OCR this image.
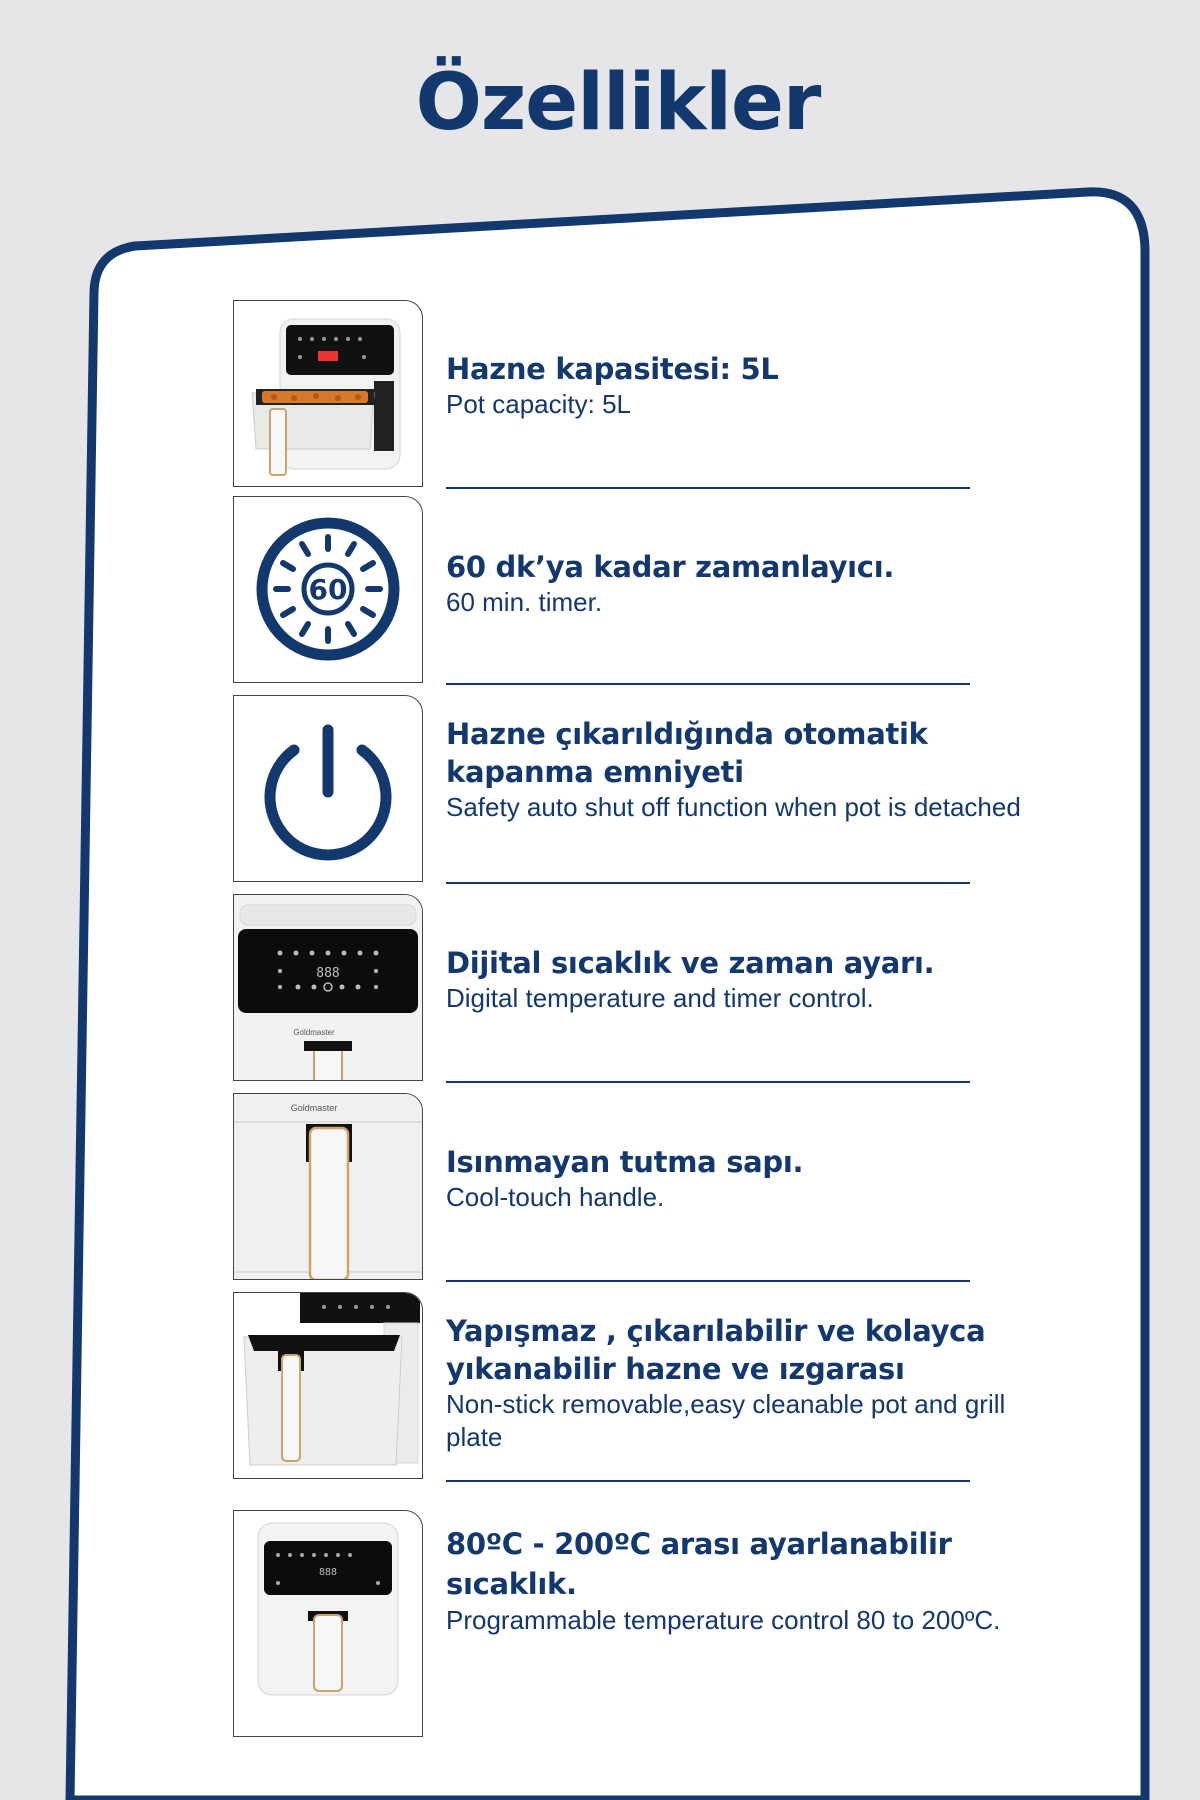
Özellikler
Hazne kapasitesi: 5L
Pot capacity: 5L
60
60 dk’ya kadar zamanlayıcı.
60 min. timer.
Hazne çıkarıldığında otomatik kapanma emniyeti
Safety auto shut off function when pot is detached
888
Goldmaster
Dijital sıcaklık ve zaman ayarı.
Digital temperature and timer control.
Goldmaster
Isınmayan tutma sapı.
Cool-touch handle.
Yapışmaz , çıkarılabilir ve kolayca yıkanabilir hazne ve ızgarası
Non-stick removable,easy cleanable pot and grill plate
888
80ºC - 200ºC arası ayarlanabilir sıcaklık.
Programmable temperature control 80 to 200ºC.
